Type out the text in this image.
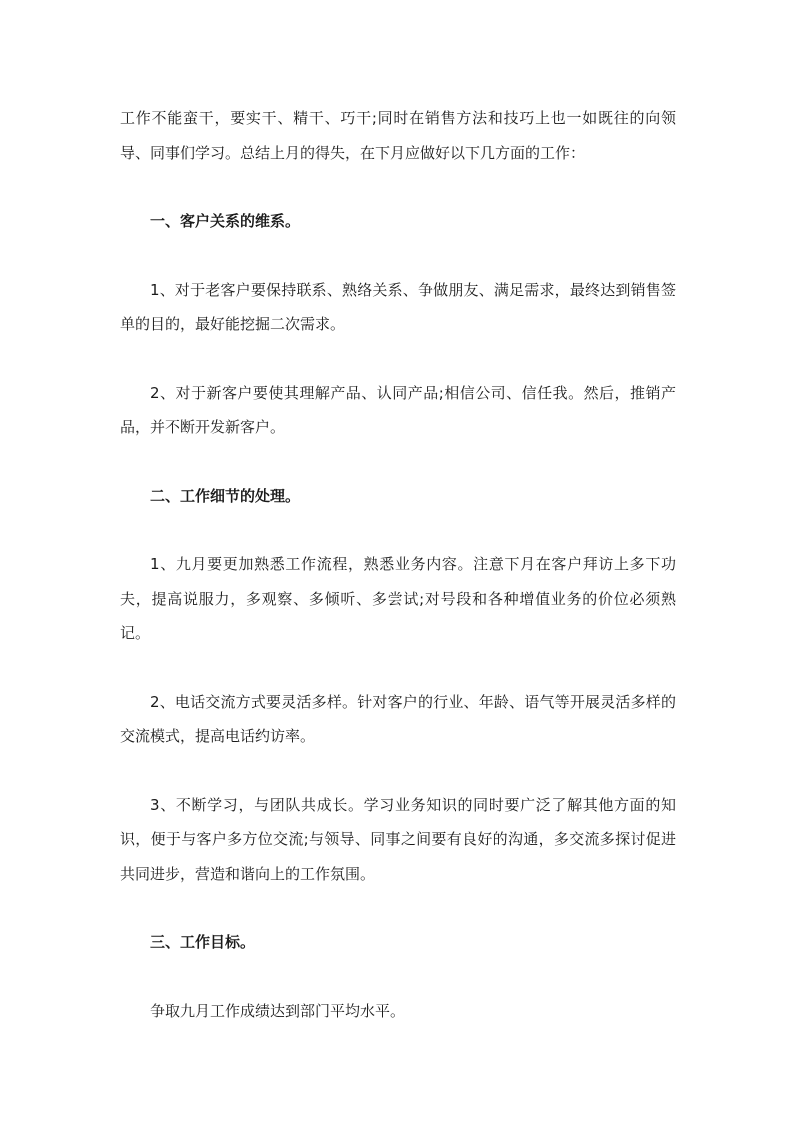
工作不能蛮干，要实干、精干、巧干;同时在销售方法和技巧上也一如既往的向领导、同事们学习。总结上月的得失，在下月应做好以下几方面的工作：

一、客户关系的维系。

1、对于老客户要保持联系、熟络关系、争做朋友、满足需求，最终达到销售签单的目的，最好能挖掘二次需求。

2、对于新客户要使其理解产品、认同产品;相信公司、信任我。然后，推销产品，并不断开发新客户。

二、工作细节的处理。

1、九月要更加熟悉工作流程，熟悉业务内容。注意下月在客户拜访上多下功夫，提高说服力，多观察、多倾听、多尝试;对号段和各种增值业务的价位必须熟记。

2、电话交流方式要灵活多样。针对客户的行业、年龄、语气等开展灵活多样的交流模式，提高电话约访率。

3、不断学习，与团队共成长。学习业务知识的同时要广泛了解其他方面的知识，便于与客户多方位交流;与领导、同事之间要有良好的沟通，多交流多探讨促进共同进步，营造和谐向上的工作氛围。

三、工作目标。

争取九月工作成绩达到部门平均水平。
